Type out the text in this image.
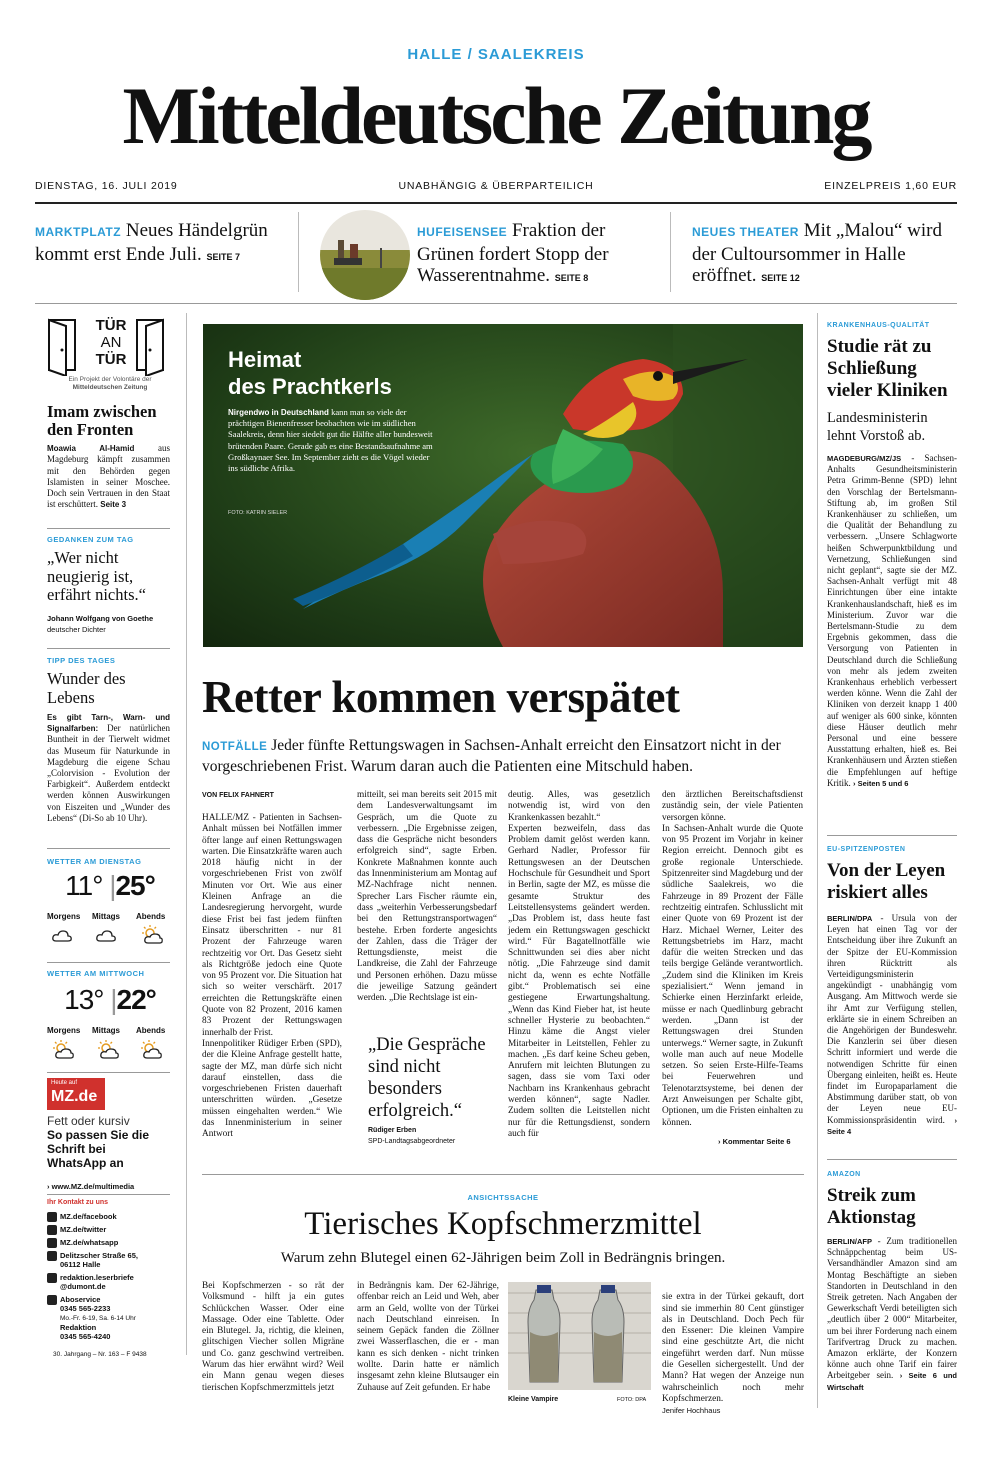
HALLE / SAALEKREIS
Mitteldeutsche Zeitung
DIENSTAG, 16. JULI 2019	UNABHÄNGIG & ÜBERPARTEILICH	EINZELPREIS 1,60 EUR
MARKTPLATZ Neues Händelgrün kommt erst Ende Juli. SEITE 7
HUFEISENSEE Fraktion der Grünen fordert Stopp der Wasserentnahme. SEITE 8
NEUES THEATER Mit „Malou“ wird der Cultoursommer in Halle eröffnet. SEITE 12
TÜR
AN
TÜR
Ein Projekt der Volontäre der
Mitteldeutschen Zeitung
Imam zwischen den Fronten
Moawia Al-Hamid	aus Magdeburg kämpft zusammen mit den Behörden gegen Islamisten in seiner Moschee. Doch sein Vertrauen in den Staat ist erschüttert. Seite 3
GEDANKEN ZUM TAG
„Wer nicht neugierig ist, erfährt nichts.“
Johann Wolfgang von Goethe
deutscher Dichter
TIPP DES TAGES
Wunder des Lebens
Es gibt Tarn-, Warn- und Signalfarben: Der natürlichen Buntheit in der Tierwelt widmet das Museum für Naturkunde in Magdeburg die eigene Schau „Colorvision - Evolution der Farbigkeit“. Außerdem entdeckt werden können Auswirkungen von Eiszeiten und „Wunder des Lebens“ (Di-So ab 10 Uhr).
WETTER AM DIENSTAG
11° |25°
Morgens	Mittags	Abends
WETTER AM MITTWOCH
13° |22°
Morgens	Mittags	Abends
Heute auf
MZ.de
Fett oder kursiv
So passen Sie die Schrift bei WhatsApp an
› www.MZ.de/multimedia
Ihr Kontakt zu uns
MZ.de/facebook
MZ.de/twitter
MZ.de/whatsapp
Delitzscher Straße 65, 06112 Halle
redaktion.leserbriefe @dumont.de
Aboservice
0345 565-2233
Mo.-Fr. 6-19, Sa. 6-14 Uhr
Redaktion
0345 565-4240
30. Jahrgang – Nr. 163 – F 9438
Heimat
des Prachtkerls
Nirgendwo in Deutschland kann man so viele der prächtigen Bienenfresser beobachten wie im südlichen Saalekreis, denn hier siedelt gut die Hälfte aller bundesweit brütenden Paare. Gerade gab es eine Bestandsaufnahme am Großkaynaer See. Im September zieht es die Vögel wieder ins südliche Afrika.
FOTO: KATRIN SIELER
Retter kommen verspätet
NOTFÄLLE Jeder fünfte Rettungswagen in Sachsen-Anhalt erreicht den Einsatzort nicht in der vorgeschriebenen Frist. Warum daran auch die Patienten eine Mitschuld haben.
VON FELIX FAHNERT
HALLE/MZ - Patienten in Sachsen-Anhalt müssen bei Notfällen immer öfter lange auf einen Rettungswagen warten. Die Einsatzkräfte waren auch 2018 häufig nicht in der vorgeschriebenen Frist von zwölf Minuten vor Ort. Wie aus einer Kleinen Anfrage an die Landesregierung hervorgeht, wurde diese Frist bei fast jedem fünften Einsatz überschritten - nur 81 Prozent der Fahrzeuge waren rechtzeitig vor Ort. Das Gesetz sieht als Richtgröße jedoch eine Quote von 95 Prozent vor. Die Situation hat sich so weiter verschärft. 2017 erreichten die Rettungskräfte einen Quote von 82 Prozent, 2016 kamen 83 Prozent der Rettungswagen innerhalb der Frist.
Innenpolitiker Rüdiger Erben (SPD), der die Kleine Anfrage gestellt hatte, sagte der MZ, man dürfe sich nicht darauf einstellen, dass die vorgeschriebenen Fristen dauerhaft unterschritten würden. „Gesetze müssen eingehalten werden.“ Wie das Innenministerium in seiner Antwort
mitteilt, sei man bereits seit 2015 mit dem Landesverwaltungsamt im Gespräch, um die Quote zu verbessern. „Die Ergebnisse zeigen, dass die Gespräche nicht besonders erfolgreich sind“, sagte Erben. Konkrete Maßnahmen konnte auch das Innenministerium am Montag auf MZ-Nachfrage nicht nennen. Sprecher Lars Fischer räumte ein, dass „weiterhin Verbesserungsbedarf bei den Rettungstransportwagen“ bestehe. Erben forderte angesichts der Zahlen, dass die Träger der Rettungsdienste, meist die Landkreise, die Zahl der Fahrzeuge und Personen erhöhen. Dazu müsse die jeweilige Satzung geändert werden. „Die Rechtslage ist ein-
„Die Gespräche sind nicht besonders erfolgreich.“
Rüdiger Erben
SPD-Landtagsabgeordneter
deutig. Alles, was gesetzlich notwendig ist, wird von den Krankenkassen bezahlt.“
Experten bezweifeln, dass das Problem damit gelöst werden kann. Gerhard Nadler, Professor für Rettungswesen an der Deutschen Hochschule für Gesundheit und Sport in Berlin, sagte der MZ, es müsse die gesamte Struktur des Leitstellensystems geändert werden. „Das Problem ist, dass heute fast jedem ein Rettungswagen geschickt wird.“ Für Bagatellnotfälle wie Schnittwunden sei dies aber nicht nötig. „Die Fahrzeuge sind damit nicht da, wenn es echte Notfälle gibt.“ Problematisch sei eine gestiegene Erwartungshaltung. „Wenn das Kind Fieber hat, ist heute schneller Hysterie zu beobachten.“ Hinzu käme die Angst vieler Mitarbeiter in Leitstellen, Fehler zu machen. „Es darf keine Scheu geben, Anrufern mit leichten Blutungen zu sagen, dass sie vom Taxi oder Nachbarn ins Krankenhaus gebracht werden können“, sagte Nadler. Zudem sollten die Leitstellen nicht nur für die Rettungsdienst, sondern auch für
den ärztlichen Bereitschaftsdienst zuständig sein, der viele Patienten versorgen könne.
In Sachsen-Anhalt wurde die Quote von 95 Prozent im Vorjahr in keiner Region erreicht. Dennoch gibt es große regionale Unterschiede. Spitzenreiter sind Magdeburg und der südliche Saalekreis, wo die Fahrzeuge in 89 Prozent der Fälle rechtzeitig eintrafen. Schlusslicht mit einer Quote von 69 Prozent ist der Harz. Michael Werner, Leiter des Rettungsbetriebs im Harz, macht dafür die weiten Strecken und das teils bergige Gelände verantwortlich. „Zudem sind die Kliniken im Kreis spezialisiert.“ Wenn jemand in Schierke einen Herzinfarkt erleide, müsse er nach Quedlinburg gebracht werden. „Dann ist der Rettungswagen drei Stunden unterwegs.“ Werner sagte, in Zukunft wolle man auch auf neue Modelle setzen. So seien Erste-Hilfe-Teams bei Feuerwehren und Telenotarztsysteme, bei denen der Arzt Anweisungen per Schalte gibt, Optionen, um die Fristen einhalten zu können.
› Kommentar Seite 6
ANSICHTSSACHE
Tierisches Kopfschmerzmittel
Warum zehn Blutegel einen 62-Jährigen beim Zoll in Bedrängnis bringen.
Bei Kopfschmerzen - so rät der Volksmund - hilft ja ein gutes Schlückchen Wasser. Oder eine Massage. Oder eine Tablette. Oder ein Blutegel. Ja, richtig, die kleinen, glitschigen Viecher sollen Migräne und Co. ganz geschwind vertreiben. Warum das hier erwähnt wird? Weil ein Mann genau wegen dieses tierischen Kopfschmerzmittels jetzt
in Bedrängnis kam. Der 62-Jährige, offenbar reich an Leid und Weh, aber arm an Geld, wollte von der Türkei nach Deutschland einreisen. In seinem Gepäck fanden die Zöllner zwei Wasserflaschen, die er - man kann es sich denken - nicht trinken wollte. Darin hatte er nämlich insgesamt zehn kleine Blutsauger ein Zuhause auf Zeit gefunden. Er habe
Kleine Vampire	FOTO: DPA

sie extra in der Türkei gekauft, dort sind sie immerhin 80 Cent günstiger als in Deutschland. Doch Pech für den Essener: Die kleinen Vampire sind eine geschützte Art, die nicht eingeführt werden darf. Nun müsse die Gesellen sichergestellt. Und der Mann? Hat wegen der Anzeige nun wahrscheinlich noch mehr Kopfschmerzen.
Jenifer Hochhaus

KRANKENHAUS-QUALITÄT
Studie rät zu Schließung vieler Kliniken
Landesministerin lehnt Vorstoß ab.
MAGDEBURG/MZ/JS - Sachsen-Anhalts Gesundheitsministerin Petra Grimm-Benne (SPD) lehnt den Vorschlag der Bertelsmann-Stiftung ab, im großen Stil Krankenhäuser zu schließen, um die Qualität der Behandlung zu verbessern. „Unsere Schlagworte heißen Schwerpunktbildung und Vernetzung, Schließungen sind nicht geplant“, sagte sie der MZ. Sachsen-Anhalt verfügt mit 48 Einrichtungen über eine intakte Krankenhauslandschaft, hieß es im Ministerium. Zuvor war die Bertelsmann-Studie zu dem Ergebnis gekommen, dass die Versorgung von Patienten in Deutschland durch die Schließung von mehr als jedem zweiten Krankenhaus erheblich verbessert werden könne. Wenn die Zahl der Kliniken von derzeit knapp 1 400 auf weniger als 600 sinke, könnten diese Häuser deutlich mehr Personal und eine bessere Ausstattung erhalten, hieß es. Bei Krankenhäusern und Ärzten stießen die Empfehlungen auf heftige Kritik. › Seiten 5 und 6
EU-SPITZENPOSTEN
Von der Leyen riskiert alles
BERLIN/DPA - Ursula von der Leyen hat einen Tag vor der Entscheidung über ihre Zukunft an der Spitze der EU-Kommission ihren Rücktritt als Verteidigungsministerin angekündigt - unabhängig vom Ausgang. Am Mittwoch werde sie ihr Amt zur Verfügung stellen, erklärte sie in einem Schreiben an die Angehörigen der Bundeswehr. Die Kanzlerin sei über diesen Schritt informiert und werde die notwendigen Schritte für einen Übergang einleiten, heißt es. Heute findet im Europaparlament die Abstimmung darüber statt, ob von der Leyen neue EU-Kommissionspräsidentin wird. › Seite 4
AMAZON
Streik zum Aktionstag
BERLIN/AFP - Zum traditionellen Schnäppchentag beim US-Versandhändler Amazon sind am Montag Beschäftigte an sieben Standorten in Deutschland in den Streik getreten. Nach Angaben der Gewerkschaft Verdi beteiligten sich „deutlich über 2 000“ Mitarbeiter, um bei ihrer Forderung nach einem Tarifvertrag Druck zu machen. Amazon erklärte, der Konzern könne auch ohne Tarif ein fairer Arbeitgeber sein. › Seite 6 und Wirtschaft
